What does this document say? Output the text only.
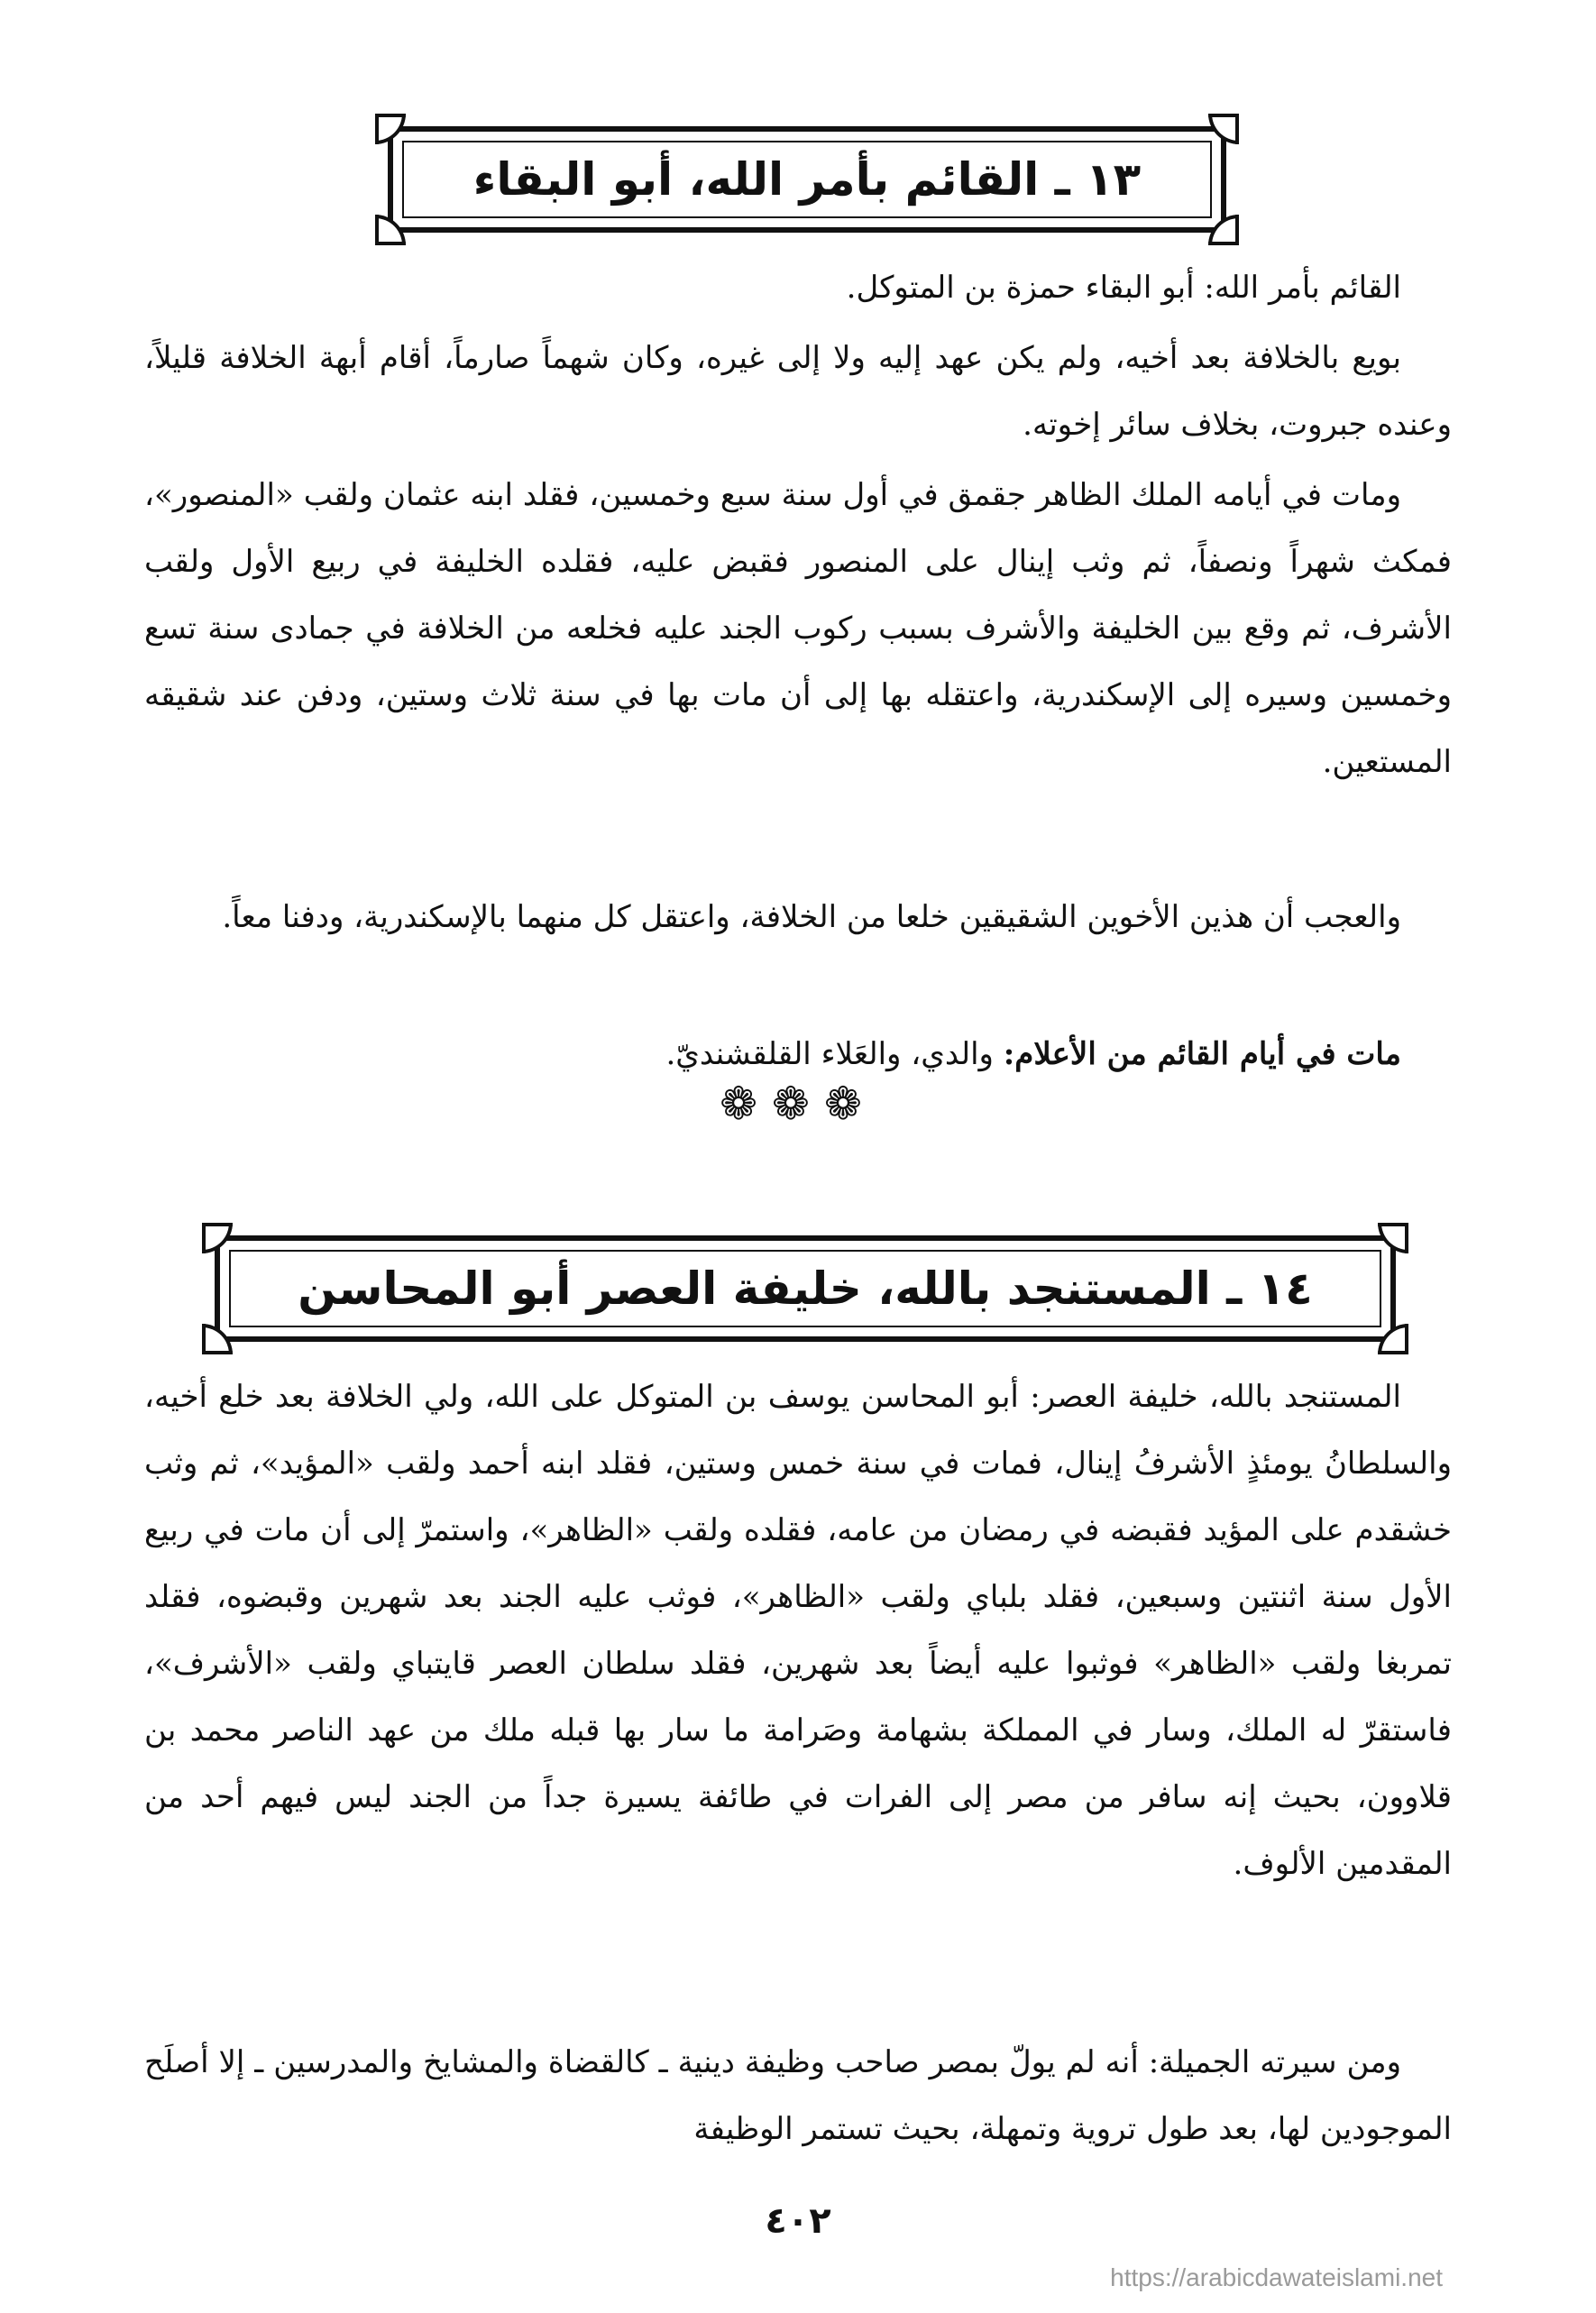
١٣ ـ القائم بأمر الله، أبو البقاء
القائم بأمر الله: أبو البقاء حمزة بن المتوكل.
بويع بالخلافة بعد أخيه، ولم يكن عهد إليه ولا إلى غيره، وكان شهماً صارماً، أقام أبهة الخلافة قليلاً، وعنده جبروت، بخلاف سائر إخوته.
ومات في أيامه الملك الظاهر جقمق في أول سنة سبع وخمسين، فقلد ابنه عثمان ولقب «المنصور»، فمكث شهراً ونصفاً، ثم وثب إينال على المنصور فقبض عليه، فقلده الخليفة في ربيع الأول ولقب الأشرف، ثم وقع بين الخليفة والأشرف بسبب ركوب الجند عليه فخلعه من الخلافة في جمادى سنة تسع وخمسين وسيره إلى الإسكندرية، واعتقله بها إلى أن مات بها في سنة ثلاث وستين، ودفن عند شقيقه المستعين.
والعجب أن هذين الأخوين الشقيقين خلعا من الخلافة، واعتقل كل منهما بالإسكندرية، ودفنا معاً.
مات في أيام القائم من الأعلام: والدي، والعَلاء القلقشنديّ.
❁❁❁
١٤ ـ المستنجد بالله، خليفة العصر أبو المحاسن
المستنجد بالله، خليفة العصر: أبو المحاسن يوسف بن المتوكل على الله، ولي الخلافة بعد خلع أخيه، والسلطانُ يومئذٍ الأشرفُ إينال، فمات في سنة خمس وستين، فقلد ابنه أحمد ولقب «المؤيد»، ثم وثب خشقدم على المؤيد فقبضه في رمضان من عامه، فقلده ولقب «الظاهر»، واستمرّ إلى أن مات في ربيع الأول سنة اثنتين وسبعين، فقلد بلباي ولقب «الظاهر»، فوثب عليه الجند بعد شهرين وقبضوه، فقلد تمربغا ولقب «الظاهر» فوثبوا عليه أيضاً بعد شهرين، فقلد سلطان العصر قايتباي ولقب «الأشرف»، فاستقرّ له الملك، وسار في المملكة بشهامة وصَرامة ما سار بها قبله ملك من عهد الناصر محمد بن قلاوون، بحيث إنه سافر من مصر إلى الفرات في طائفة يسيرة جداً من الجند ليس فيهم أحد من المقدمين الألوف.
ومن سيرته الجميلة: أنه لم يولّ بمصر صاحب وظيفة دينية ـ كالقضاة والمشايخ والمدرسين ـ إلا أصلَح الموجودين لها، بعد طول تروية وتمهلة، بحيث تستمر الوظيفة
٤٠٢
https://arabicdawateislami.net
